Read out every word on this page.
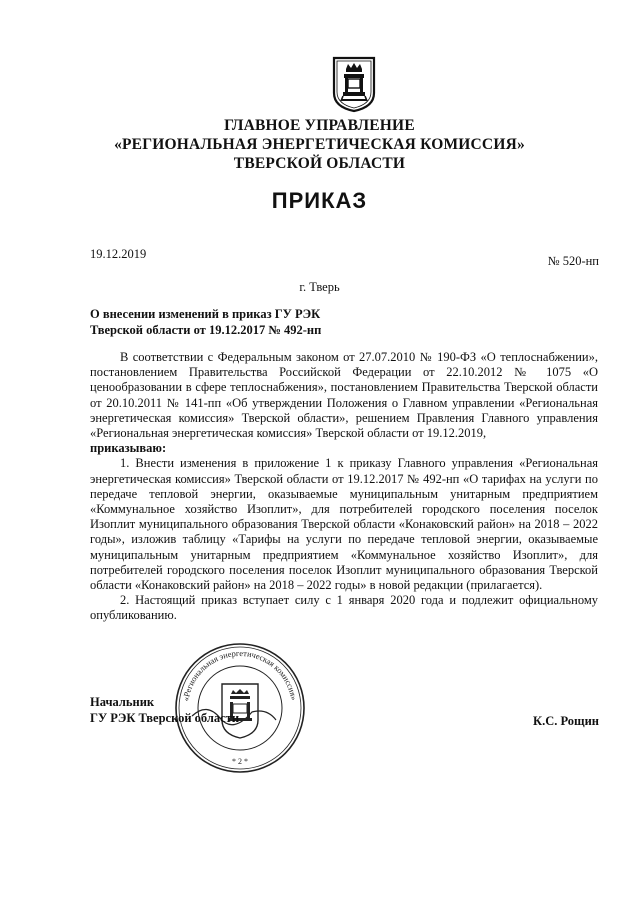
ГЛАВНОЕ УПРАВЛЕНИЕ
«РЕГИОНАЛЬНАЯ ЭНЕРГЕТИЧЕСКАЯ КОМИССИЯ»
ТВЕРСКОЙ ОБЛАСТИ
ПРИКАЗ
19.12.2019	№ 520-нп
г. Тверь
О внесении изменений в приказ ГУ РЭК
Тверской области от 19.12.2017 № 492-нп

В соответствии с Федеральным законом от 27.07.2010 № 190-ФЗ «О теплоснабжении», постановлением Правительства Российской Федерации от 22.10.2012 № 1075 «О ценообразовании в сфере теплоснабжения», постановлением Правительства Тверской области от 20.10.2011 № 141-пп «Об утверждении Положения о Главном управлении «Региональная энергетическая комиссия» Тверской области», решением Правления Главного управления «Региональная энергетическая комиссия» Тверской области от 19.12.2019,

приказываю:

1. Внести изменения в приложение 1 к приказу Главного управления «Региональная энергетическая комиссия» Тверской области от 19.12.2017 № 492-нп «О тарифах на услуги по передаче тепловой энергии, оказываемые муниципальным унитарным предприятием «Коммунальное хозяйство Изоплит», для потребителей городского поселения поселок Изоплит муниципального образования Тверской области «Конаковский район» на 2018 – 2022 годы», изложив таблицу «Тарифы на услуги по передаче тепловой энергии, оказываемые муниципальным унитарным предприятием «Коммунальное хозяйство Изоплит», для потребителей городского поселения поселок Изоплит муниципального образования Тверской области «Конаковский район» на 2018 – 2022 годы» в новой редакции (прилагается).

2. Настоящий приказ вступает силу с 1 января 2020 года и подлежит официальному опубликованию.

«Региональная энергетическая комиссия»
* 2 *
Начальник
ГУ РЭК Тверской области	К.С. Рощин
